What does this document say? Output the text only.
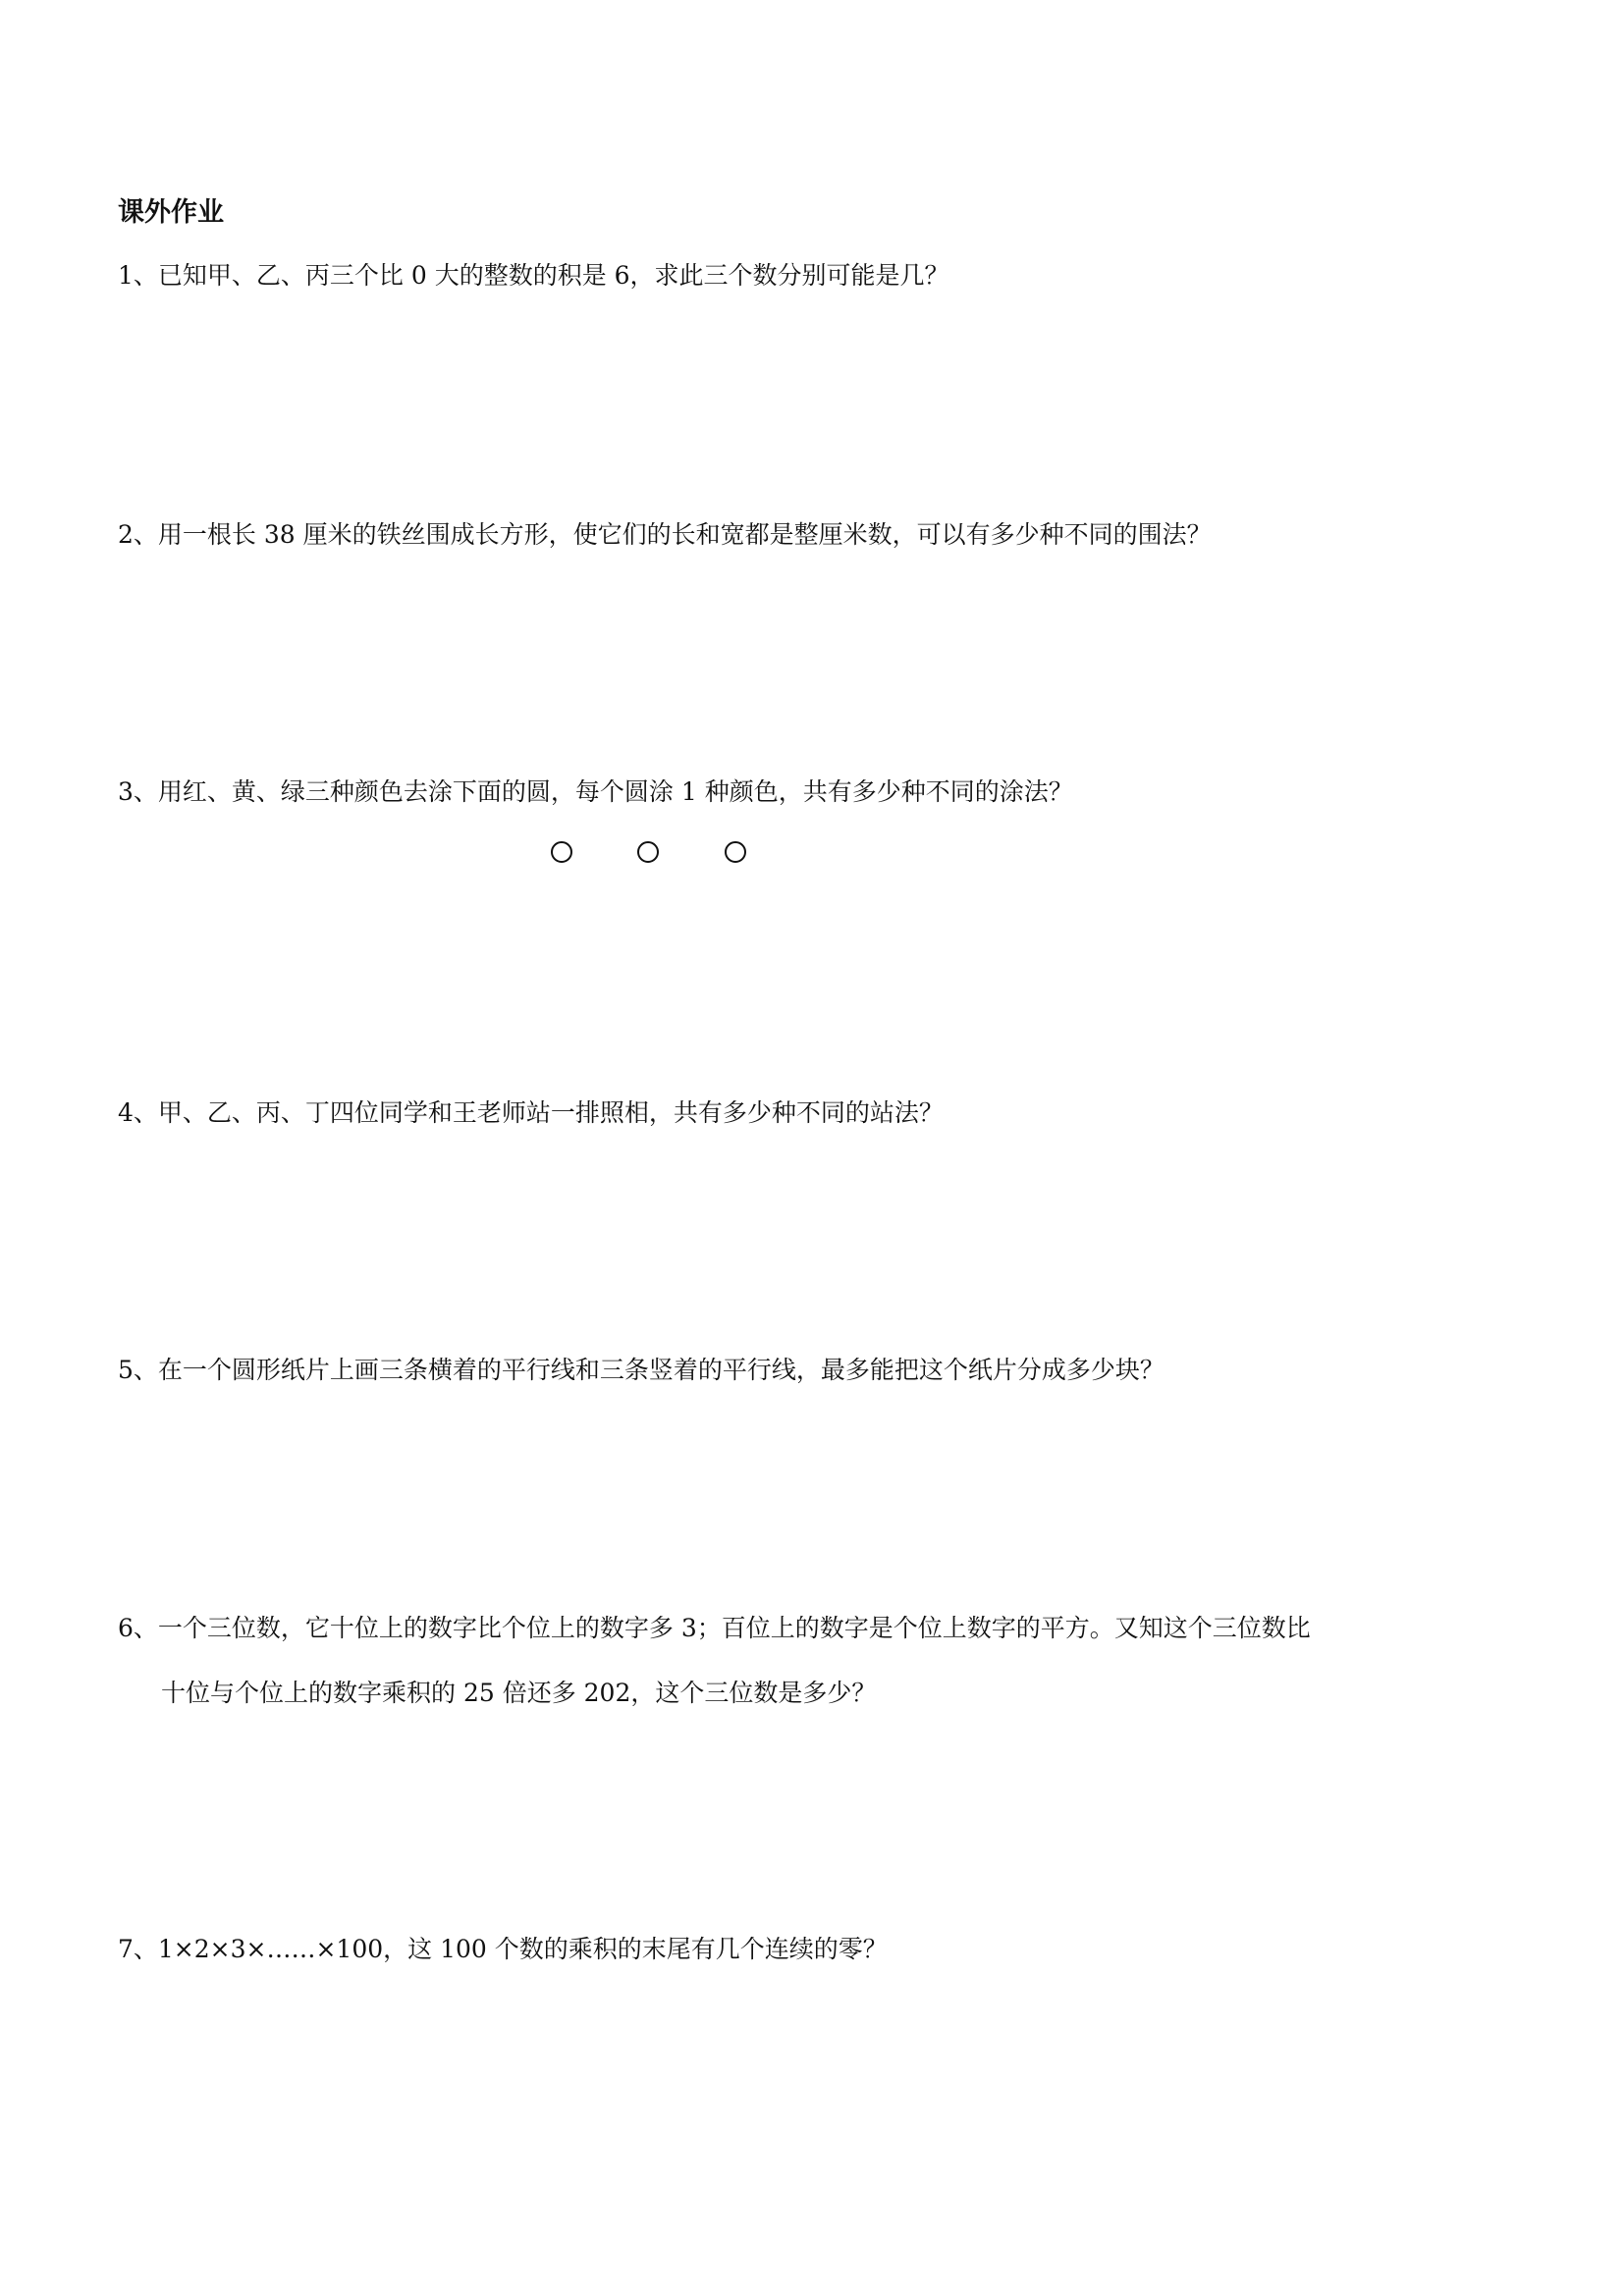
课外作业

1、已知甲、乙、丙三个比 0 大的整数的积是 6，求此三个数分别可能是几？

2、用一根长 38 厘米的铁丝围成长方形，使它们的长和宽都是整厘米数，可以有多少种不同的围法？

3、用红、黄、绿三种颜色去涂下面的圆，每个圆涂 1 种颜色，共有多少种不同的涂法？

4、甲、乙、丙、丁四位同学和王老师站一排照相，共有多少种不同的站法？

5、在一个圆形纸片上画三条横着的平行线和三条竖着的平行线，最多能把这个纸片分成多少块？

6、一个三位数，它十位上的数字比个位上的数字多 3；百位上的数字是个位上数字的平方。又知这个三位数比

十位与个位上的数字乘积的 25 倍还多 202，这个三位数是多少？

7、1×2×3×……×100，这 100 个数的乘积的末尾有几个连续的零？
